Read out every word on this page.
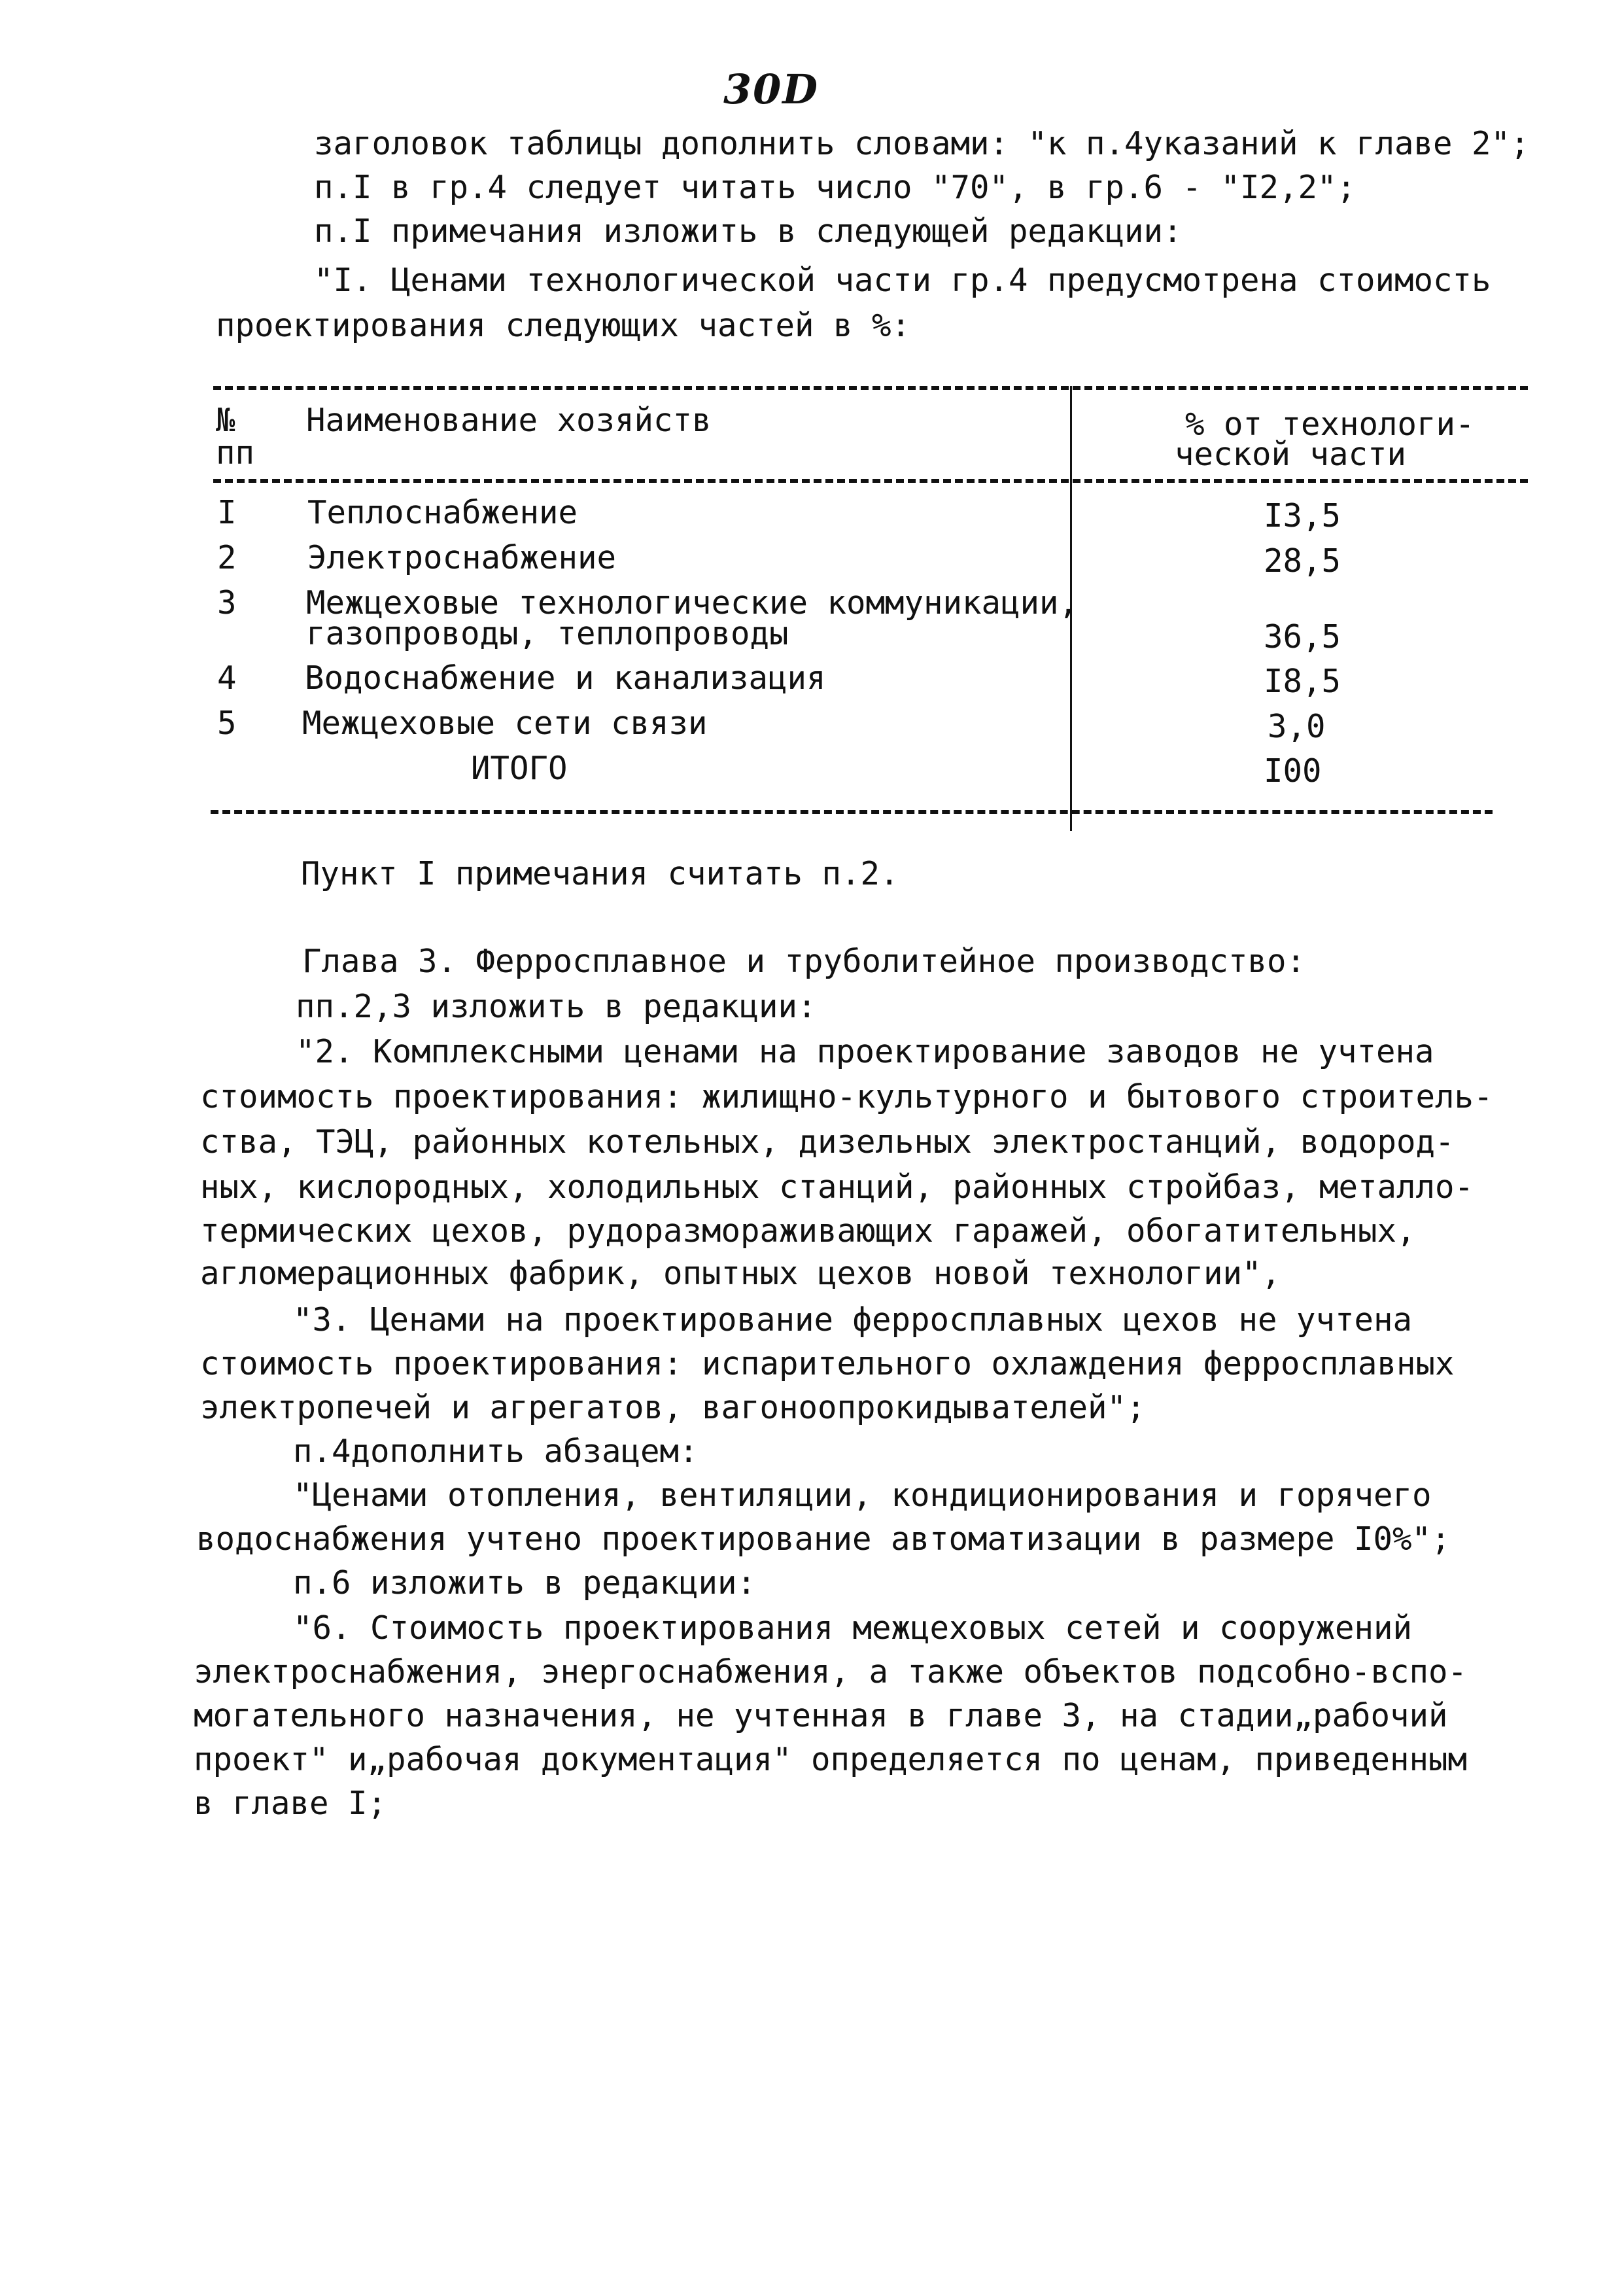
30D
заголовок таблицы дополнить словами: "к п.4указаний к главе 2";
п.I в гр.4 следует читать число "70", в гр.6 - "I2,2";
п.I примечания изложить в следующей редакции:
"I. Ценами технологической части гр.4 предусмотрена стоимость
проектирования следующих частей в %:
№
пп
Наименование хозяйств	% от технологи-
ческой части
I Теплоснабжение	I3,5
2 Электроснабжение	28,5
3 Межцеховые технологические коммуникации,
газопроводы, теплопроводы	36,5
4 Водоснабжение и канализация	I8,5
5 Межцеховые сети связи	3,0
ИТОГО	I00
Пункт I примечания считать п.2.
Глава 3. Ферросплавное и труболитейное производство:
пп.2,3 изложить в редакции:
"2. Комплексными ценами на проектирование заводов не учтена
стоимость проектирования: жилищно-культурного и бытового строитель-
ства, ТЭЦ, районных котельных, дизельных электростанций, водород-
ных, кислородных, холодильных станций, районных стройбаз, металло-
термических цехов, рудоразмораживающих гаражей, обогатительных,
агломерационных фабрик, опытных цехов новой технологии",
"3. Ценами на проектирование ферросплавных цехов не учтена
стоимость проектирования: испарительного охлаждения ферросплавных
электропечей и агрегатов, вагоноопрокидывателей";
п.4дополнить абзацем:
"Ценами отопления, вентиляции, кондиционирования и горячего
водоснабжения учтено проектирование автоматизации в размере I0%";
п.6 изложить в редакции:
"6. Стоимость проектирования межцеховых сетей и сооружений
электроснабжения, энергоснабжения, а также объектов подсобно-вспо-
могательного назначения, не учтенная в главе 3, на стадии„рабочий
проект" и„рабочая документация" определяется по ценам, приведенным
в главе I;
